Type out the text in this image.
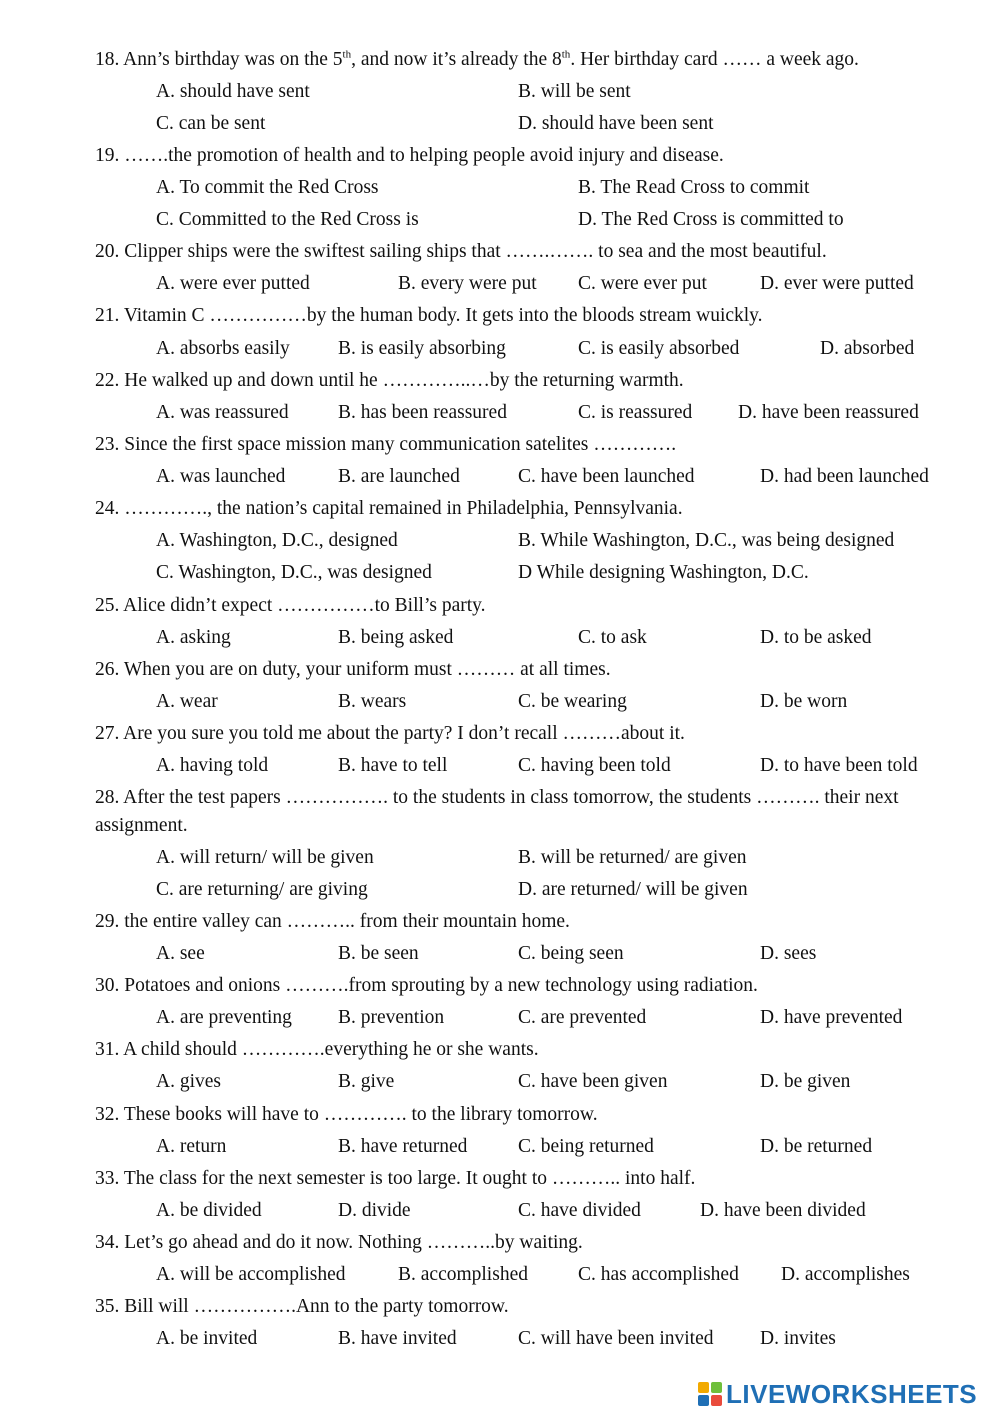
18. Ann’s birthday was on the 5th, and now it’s already the 8th. Her birthday card …… a week ago.
A. should have sent	B. will be sent
C. can be sent	D. should have been sent
19. …….the promotion of health and to helping people avoid injury and disease.
A. To commit the Red Cross	B. The Read Cross to commit
C. Committed to the Red Cross is	D. The Red Cross is committed to
20. Clipper ships were the swiftest sailing ships that …….……. to sea and the most beautiful.
A. were ever putted	B. every were put C. were ever put	D. ever were putted
21. Vitamin C ……………by the human body. It gets into the bloods stream wuickly.
A. absorbs easily B. is easily absorbing	C. is easily absorbed	D. absorbed
22. He walked up and down until he …………..…by the returning warmth.
A. was reassured	B. has been reassured	C. is reassured D. have been reassured
23. Since the first space mission many communication satelites ………….
A. was launched	B. are launched	C. have been launched	D. had been launched
24. …………., the nation’s capital remained in Philadelphia, Pennsylvania.
A. Washington, D.C., designed	B. While Washington, D.C., was being designed
C. Washington, D.C., was designed	D While designing Washington, D.C.
25. Alice didn’t expect ……………to Bill’s party.
A. asking	B. being asked	C. to ask	D. to be asked
26. When you are on duty, your uniform must ……… at all times.
A. wear	B. wears	C. be wearing	D. be worn
27. Are you sure you told me about the party? I don’t recall ………about it.
A. having told	B. have to tell	C. having been told	D. to have been told
28. After the test papers ……………. to the students in class tomorrow, the students ………. their next assignment.
A. will return/ will be given	B. will be returned/ are given
C. are returning/ are giving	D. are returned/ will be given
29. the entire valley can ……….. from their mountain home.
A. see	B. be seen	C. being seen	D. sees
30. Potatoes and onions ……….from sprouting by a new technology using radiation.
A. are preventing B. prevention	C. are prevented	D. have prevented
31. A child should ………….everything he or she wants.
A. gives	B. give	C. have been given	D. be given
32. These books will have to …………. to the library tomorrow.
A. return	B. have returned	C. being returned	D. be returned
33. The class for the next semester is too large. It ought to ……….. into half.
A. be divided	D. divide	C. have divided	D. have been divided
34. Let’s go ahead and do it now. Nothing ………..by waiting.
A. will be accomplished	B. accomplished	C. has accomplished D. accomplishes
35. Bill will …………….Ann to the party tomorrow.
A. be invited	B. have invited	C. will have been invited D. invites
LIVEWORKSHEETS
